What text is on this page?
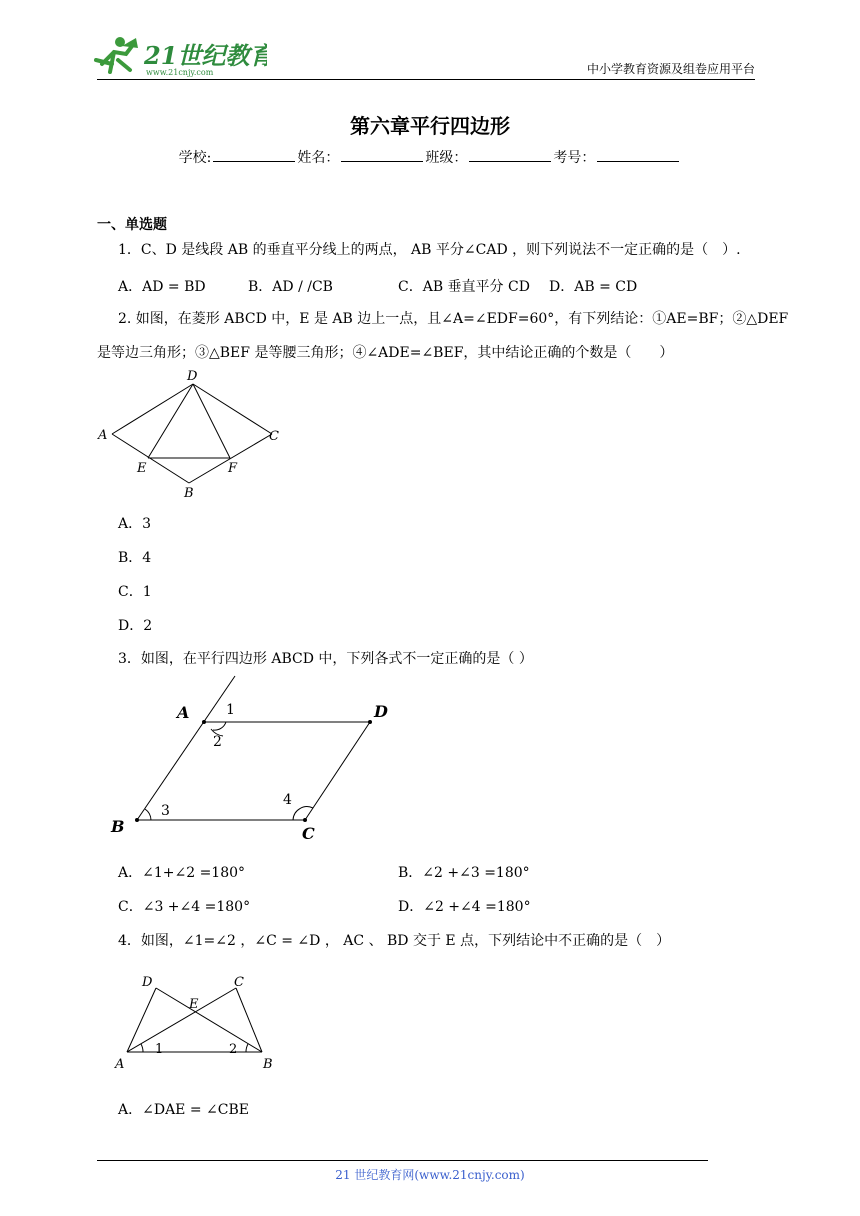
21世纪教育
www.21cnjy.com	中小学教育资源及组卷应用平台
第六章平行四边形
学校:	姓名：	班级：	考号：
一、单选题
1．C、D 是线段 AB 的垂直平分线上的两点， AB 平分∠CAD ，则下列说法不一定正确的是（　）.
A．AD = BD	B．AD / /CB	C．AB 垂直平分 CD D．AB = CD
2. 如图，在菱形 ABCD 中，E 是 AB 边上一点，且∠A=∠EDF=60°，有下列结论：①AE=BF；②△DEF
是等边三角形；③△BEF 是等腰三角形；④∠ADE=∠BEF，其中结论正确的个数是（　　）
D
A	C
E	F
B
A．3
B．4
C．1
D．2
3．如图，在平行四边形 ABCD 中，下列各式不一定正确的是（ ）
A	1	D
2
3
4
B	C
A．∠1+∠2 =180°	B．∠2 +∠3 =180°
C．∠3 +∠4 =180°	D．∠2 +∠4 =180°
4．如图，∠1=∠2 ，∠C = ∠D ， AC 、 BD 交于 E 点，下列结论中不正确的是（　）
D	C
E
A
1	2
B
A．∠DAE = ∠CBE
21 世纪教育网(www.21cnjy.com)
